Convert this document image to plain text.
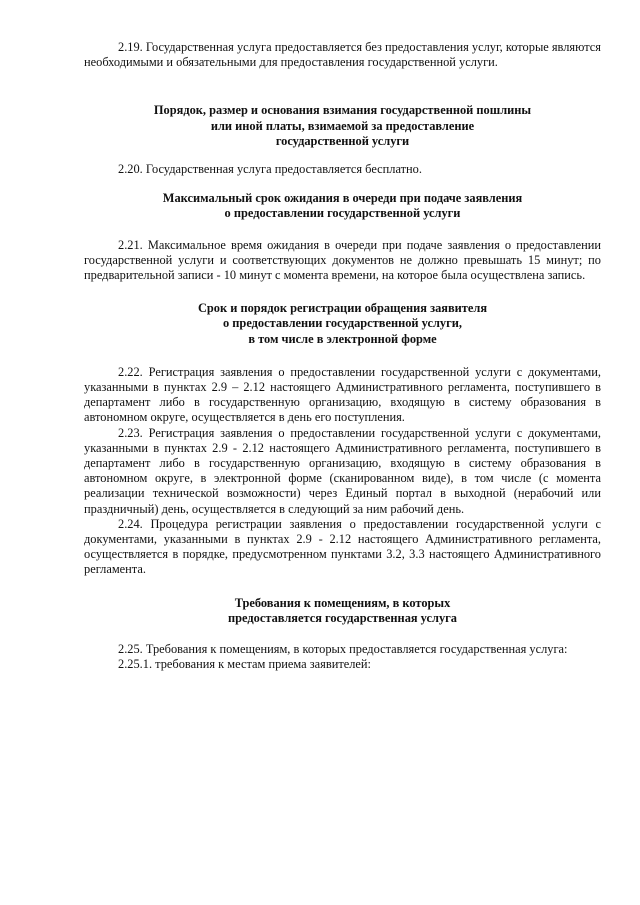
2.19. Государственная услуга предоставляется без предоставления услуг, которые являются необходимыми и обязательными для предоставления государственной услуги.

Порядок, размер и основания взимания государственной пошлины
или иной платы, взимаемой за предоставление
государственной услуги

2.20. Государственная услуга предоставляется бесплатно.

Максимальный срок ожидания в очереди при подаче заявления
о предоставлении государственной услуги

2.21. Максимальное время ожидания в очереди при подаче заявления о предоставлении государственной услуги и соответствующих документов не должно превышать 15 минут; по предварительной записи - 10 минут с момента времени, на которое была осуществлена запись.

Срок и порядок регистрации обращения заявителя
о предоставлении государственной услуги,
в том числе в электронной форме

2.22. Регистрация заявления о предоставлении государственной услуги с документами, указанными в пунктах 2.9 – 2.12 настоящего Административного регламента, поступившего в департамент либо в государственную организацию, входящую в систему образования в автономном округе, осуществляется в день его поступления.

2.23. Регистрация заявления о предоставлении государственной услуги с документами, указанными в пунктах 2.9 - 2.12 настоящего Административного регламента, поступившего в департамент либо в государственную организацию, входящую в систему образования в автономном округе, в электронной форме (сканированном виде), в том числе (с момента реализации технической возможности) через Единый портал в выходной (нерабочий или праздничный) день, осуществляется в следующий за ним рабочий день.

2.24. Процедура регистрации заявления о предоставлении государственной услуги с документами, указанными в пунктах 2.9 - 2.12 настоящего Административного регламента, осуществляется в порядке, предусмотренном пунктами 3.2, 3.3 настоящего Административного регламента.

Требования к помещениям, в которых
предоставляется государственная услуга

2.25. Требования к помещениям, в которых предоставляется государственная услуга:

2.25.1. требования к местам приема заявителей:
